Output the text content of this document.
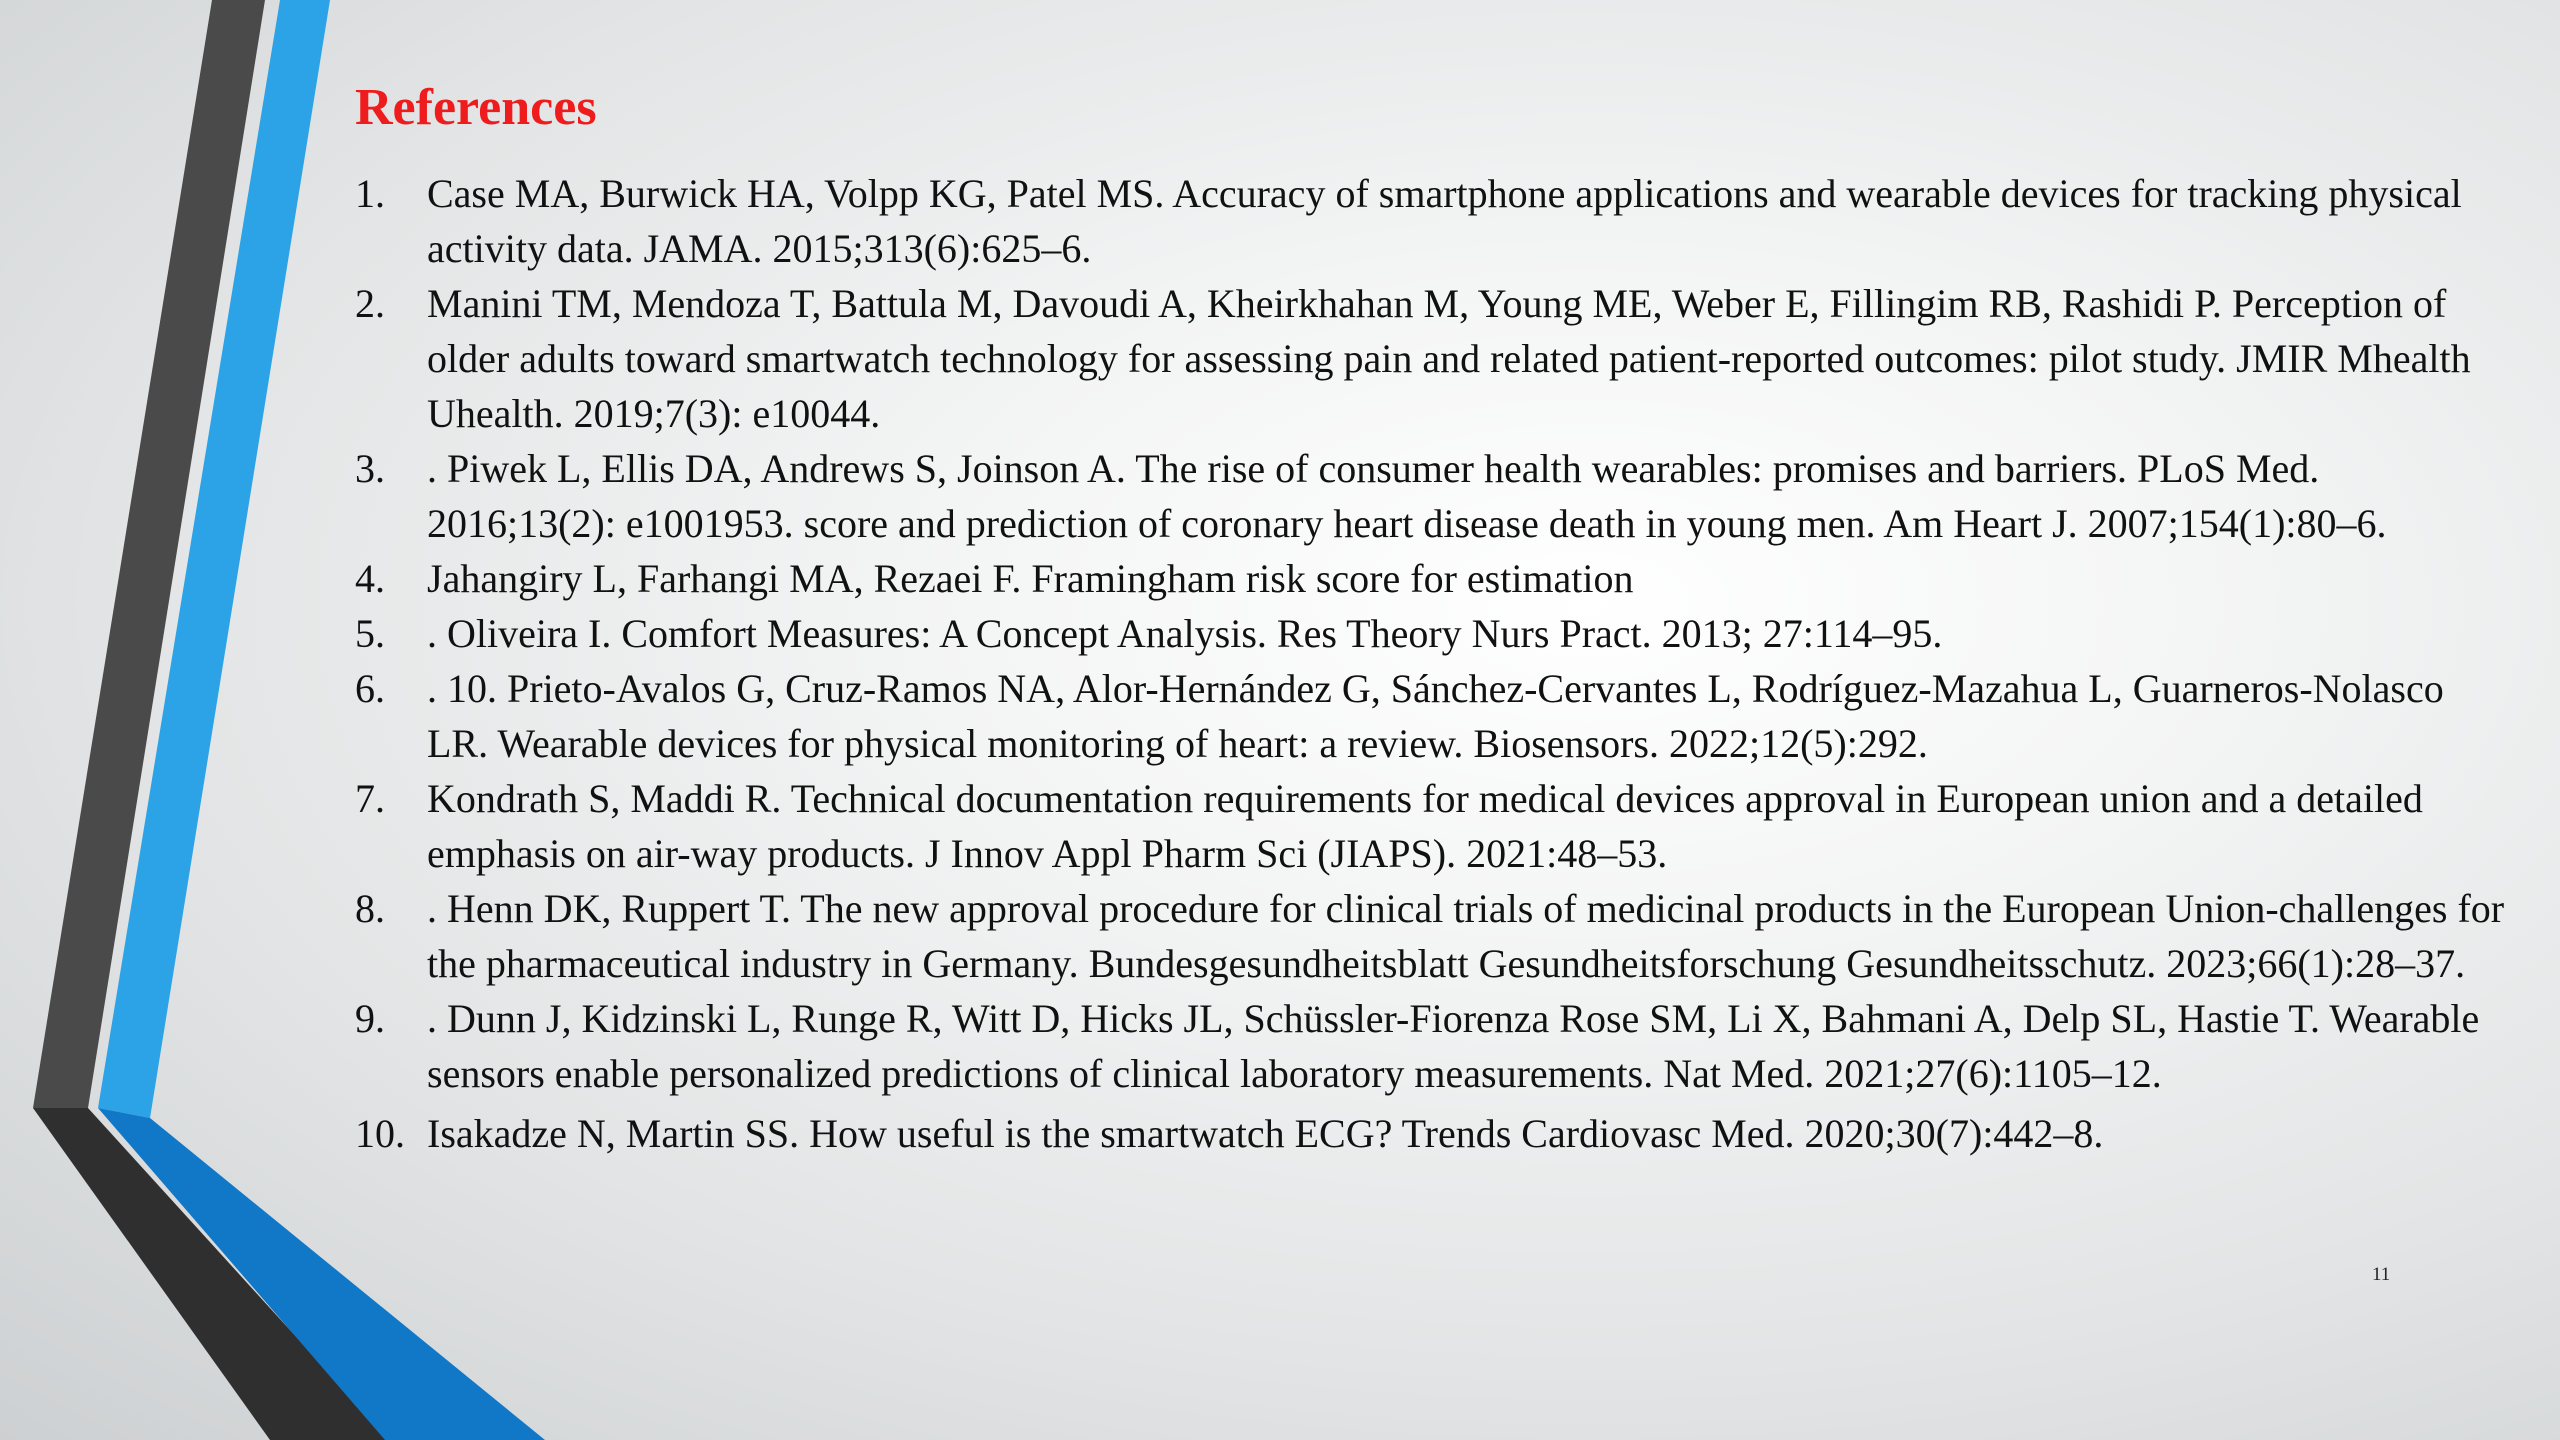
References
1. Case MA, Burwick HA, Volpp KG, Patel MS. Accuracy of smartphone applications and wearable devices for tracking physical activity data. JAMA. 2015;313(6):625–6.
2. Manini TM, Mendoza T, Battula M, Davoudi A, Kheirkhahan M, Young ME, Weber E, Fillingim RB, Rashidi P. Perception of older adults toward smartwatch technology for assessing pain and related patient-reported outcomes: pilot study. JMIR Mhealth Uhealth. 2019;7(3): e10044.
3. . Piwek L, Ellis DA, Andrews S, Joinson A. The rise of consumer health wearables: promises and barriers. PLoS Med. 2016;13(2): e1001953. score and prediction of coronary heart disease death in young men. Am Heart J. 2007;154(1):80–6.
4. Jahangiry L, Farhangi MA, Rezaei F. Framingham risk score for estimation
5. . Oliveira I. Comfort Measures: A Concept Analysis. Res Theory Nurs Pract. 2013; 27:114–95.
6. . 10. Prieto-Avalos G, Cruz-Ramos NA, Alor-Hernández G, Sánchez-Cervantes L, Rodríguez-Mazahua L, Guarneros-Nolasco LR. Wearable devices for physical monitoring of heart: a review. Biosensors. 2022;12(5):292.
7. Kondrath S, Maddi R. Technical documentation requirements for medical devices approval in European union and a detailed emphasis on air-way products. J Innov Appl Pharm Sci (JIAPS). 2021:48–53.
8. . Henn DK, Ruppert T. The new approval procedure for clinical trials of medicinal products in the European Union-challenges for the pharmaceutical industry in Germany. Bundesgesundheitsblatt Gesundheitsforschung Gesundheitsschutz. 2023;66(1):28–37.
9. . Dunn J, Kidzinski L, Runge R, Witt D, Hicks JL, Schüssler-Fiorenza Rose SM, Li X, Bahmani A, Delp SL, Hastie T. Wearable sensors enable personalized predictions of clinical laboratory measurements. Nat Med. 2021;27(6):1105–12.
10. Isakadze N, Martin SS. How useful is the smartwatch ECG? Trends Cardiovasc Med. 2020;30(7):442–8.
11
